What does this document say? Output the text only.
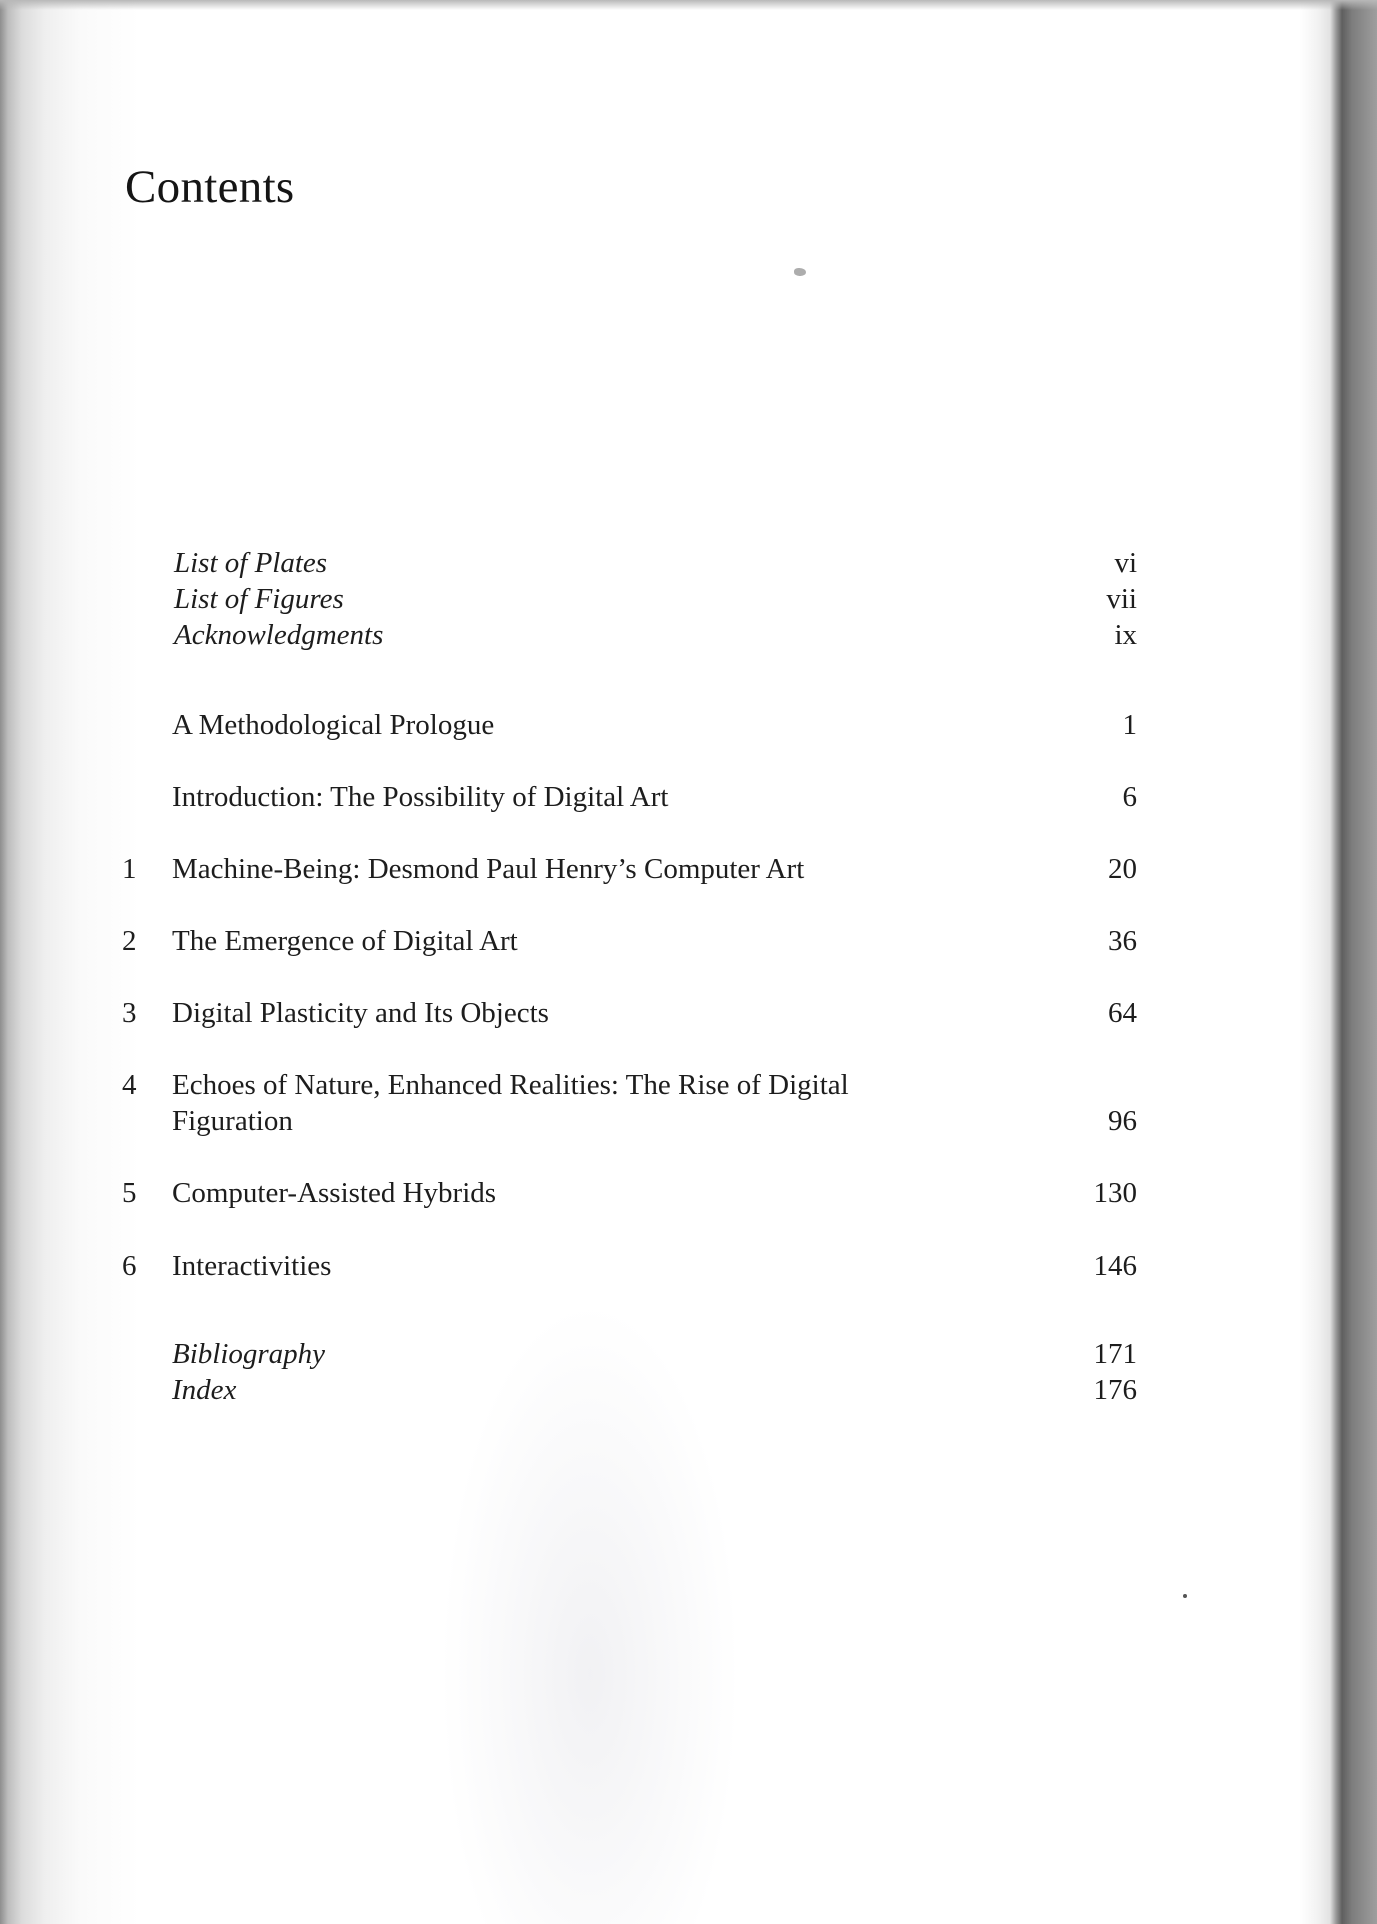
Contents
List of Plates	vi
List of Figures	vii
Acknowledgments	ix
A Methodological Prologue	1
Introduction: The Possibility of Digital Art	6
1 Machine-Being: Desmond Paul Henry’s Computer Art	20
2 The Emergence of Digital Art	36
3 Digital Plasticity and Its Objects	64
4 Echoes of Nature, Enhanced Realities: The Rise of Digital
Figuration	96
5 Computer-Assisted Hybrids	130
6 Interactivities	146
Bibliography	171
Index	176
